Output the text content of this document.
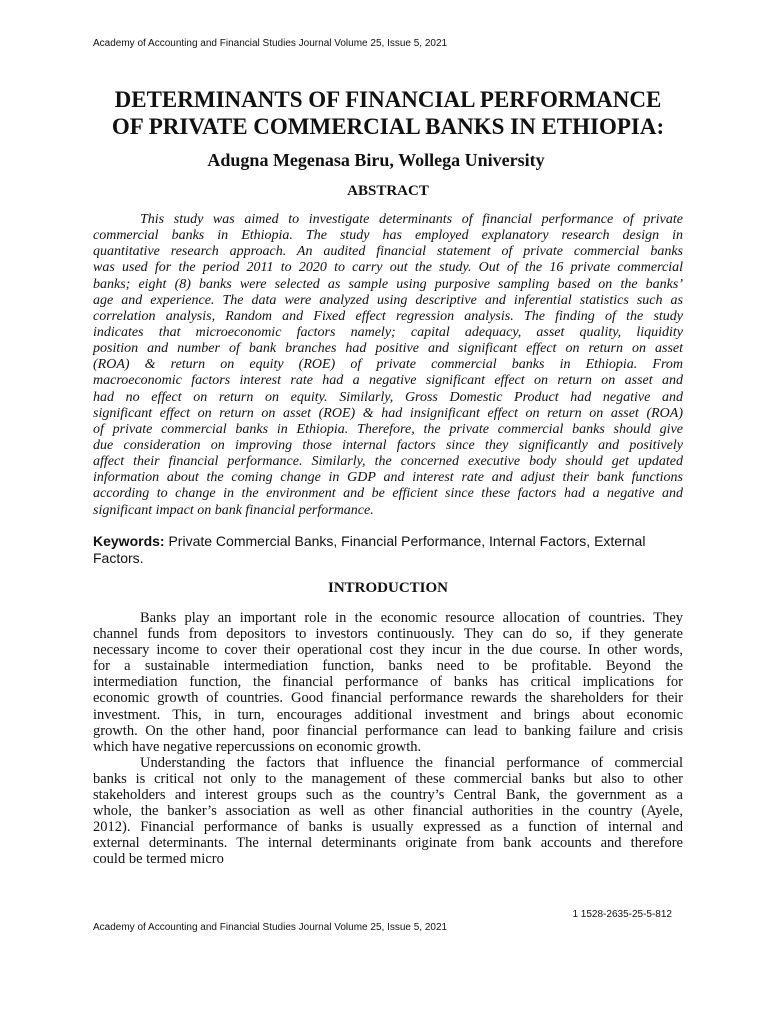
Academy of Accounting and Financial Studies Journal Volume 25, Issue 5, 2021
DETERMINANTS OF FINANCIAL PERFORMANCE
OF PRIVATE COMMERCIAL BANKS IN ETHIOPIA:
Adugna Megenasa Biru, Wollega University
ABSTRACT
This study was aimed to investigate determinants of financial performance of private
commercial banks in Ethiopia. The study has employed explanatory research design in
quantitative research approach. An audited financial statement of private commercial banks
was used for the period 2011 to 2020 to carry out the study. Out of the 16 private commercial
banks; eight (8) banks were selected as sample using purposive sampling based on the banks’
age and experience. The data were analyzed using descriptive and inferential statistics such as
correlation analysis, Random and Fixed effect regression analysis. The finding of the study
indicates that microeconomic factors namely; capital adequacy, asset quality, liquidity
position and number of bank branches had positive and significant effect on return on asset
(ROA) & return on equity (ROE) of private commercial banks in Ethiopia. From
macroeconomic factors interest rate had a negative significant effect on return on asset and
had no effect on return on equity. Similarly, Gross Domestic Product had negative and
significant effect on return on asset (ROE) & had insignificant effect on return on asset (ROA)
of private commercial banks in Ethiopia. Therefore, the private commercial banks should give
due consideration on improving those internal factors since they significantly and positively
affect their financial performance. Similarly, the concerned executive body should get updated
information about the coming change in GDP and interest rate and adjust their bank functions
according to change in the environment and be efficient since these factors had a negative and
significant impact on bank financial performance.
Keywords: Private Commercial Banks, Financial Performance, Internal Factors, External Factors.
INTRODUCTION
Banks play an important role in the economic resource allocation of countries. They
channel funds from depositors to investors continuously. They can do so, if they generate
necessary income to cover their operational cost they incur in the due course. In other words,
for a sustainable intermediation function, banks need to be profitable. Beyond the
intermediation function, the financial performance of banks has critical implications for
economic growth of countries. Good financial performance rewards the shareholders for their
investment. This, in turn, encourages additional investment and brings about economic
growth. On the other hand, poor financial performance can lead to banking failure and crisis
which have negative repercussions on economic growth.
Understanding the factors that influence the financial performance of commercial
banks is critical not only to the management of these commercial banks but also to other
stakeholders and interest groups such as the country’s Central Bank, the government as a
whole, the banker’s association as well as other financial authorities in the country (Ayele,
2012). Financial performance of banks is usually expressed as a function of internal and
external determinants. The internal determinants originate from bank accounts and therefore
could be termed micro
1 1528-2635-25-5-812
Academy of Accounting and Financial Studies Journal Volume 25, Issue 5, 2021
